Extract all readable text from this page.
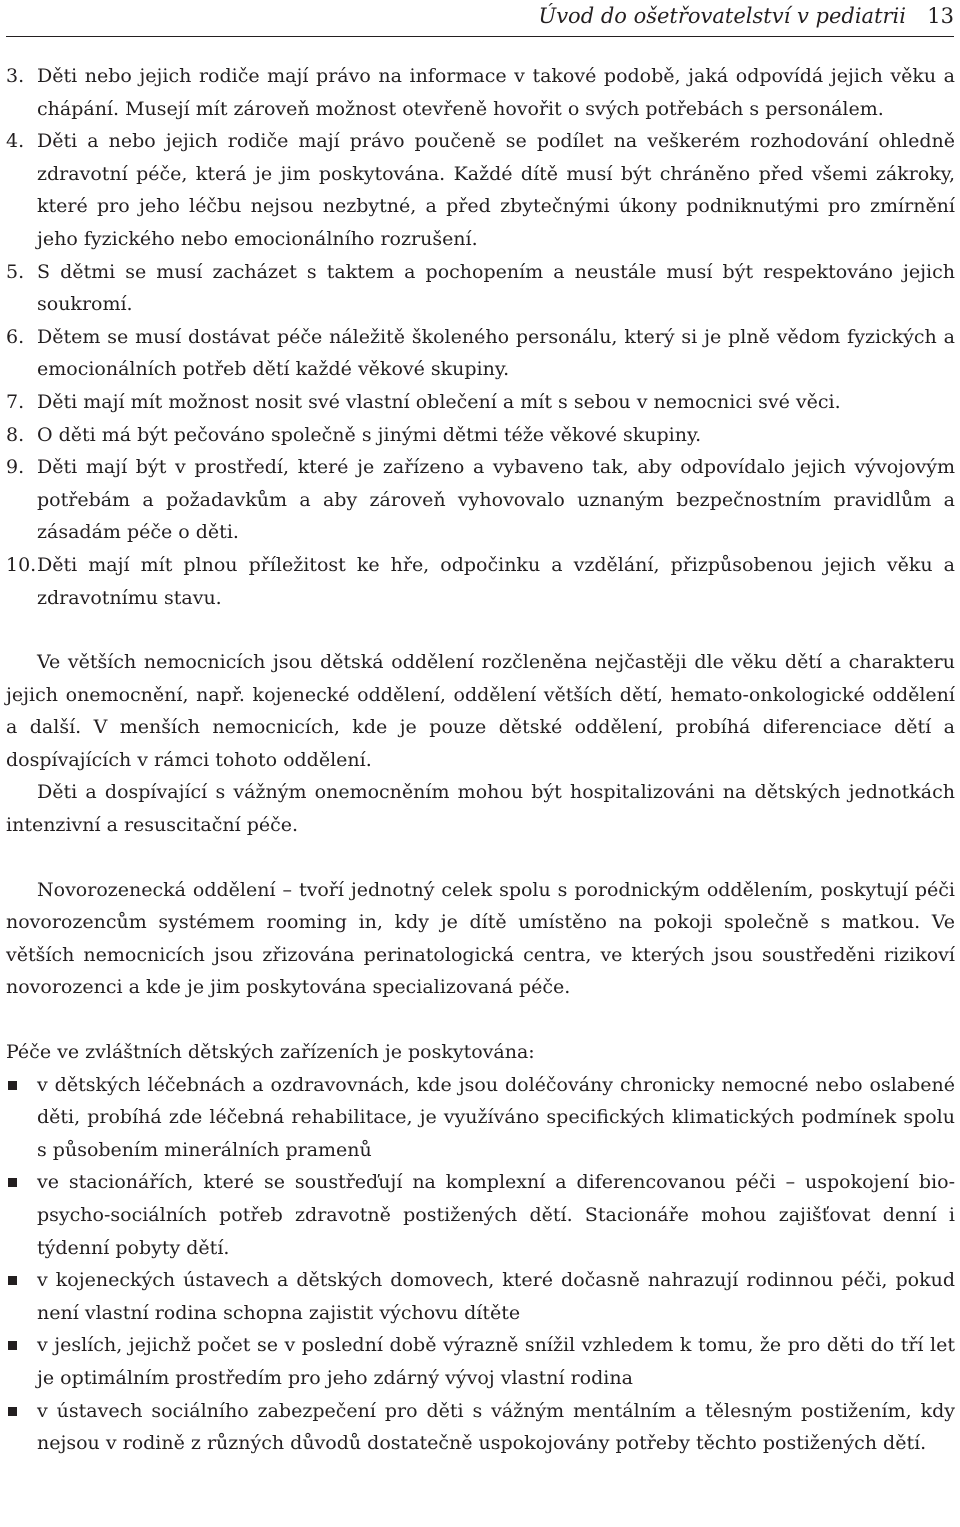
Úvod do ošetřovatelství v pediatrii 13
3. Děti nebo jejich rodiče mají právo na informace v takové podobě, jaká odpovídá jejich věku a chápání. Musejí mít zároveň možnost otevřeně hovořit o svých potřebách s personálem.
4. Děti a nebo jejich rodiče mají právo poučeně se podílet na veškerém rozhodování ohledně zdravotní péče, která je jim poskytována. Každé dítě musí být chráněno před všemi zákroky, které pro jeho léčbu nejsou nezbytné, a před zbytečnými úkony podniknutými pro zmírnění jeho fyzického nebo emocionálního rozrušení.
5. S dětmi se musí zacházet s taktem a pochopením a neustále musí být respektováno jejich soukromí.
6. Dětem se musí dostávat péče náležitě školeného personálu, který si je plně vědom fyzických a emocionálních potřeb dětí každé věkové skupiny.
7. Děti mají mít možnost nosit své vlastní oblečení a mít s sebou v nemocnici své věci.
8. O děti má být pečováno společně s jinými dětmi téže věkové skupiny.
9. Děti mají být v prostředí, které je zařízeno a vybaveno tak, aby odpovídalo jejich vývojovým potřebám a požadavkům a aby zároveň vyhovovalo uznaným bezpečnostním pravidlům a zásadám péče o děti.
10. Děti mají mít plnou příležitost ke hře, odpočinku a vzdělání, přizpůsobenou jejich věku a zdravotnímu stavu.

Ve větších nemocnicích jsou dětská oddělení rozčleněna nejčastěji dle věku dětí a charakteru jejich onemocnění, např. kojenecké oddělení, oddělení větších dětí, hemato-onkologické oddělení a další. V menších nemocnicích, kde je pouze dětské oddělení, probíhá diferenciace dětí a dospívajících v rámci tohoto oddělení.

Děti a dospívající s vážným onemocněním mohou být hospitalizováni na dětských jednotkách intenzivní a resuscitační péče.

Novorozenecká oddělení – tvoří jednotný celek spolu s porodnickým oddělením, poskytují péči novorozencům systémem rooming in, kdy je dítě umístěno na pokoji společně s matkou. Ve větších nemocnicích jsou zřizována perinatologická centra, ve kterých jsou soustředěni rizikoví novorozenci a kde je jim poskytována specializovaná péče.

Péče ve zvláštních dětských zařízeních je poskytována:

v dětských léčebnách a ozdravovnách, kde jsou doléčovány chronicky nemocné nebo oslabené děti, probíhá zde léčebná rehabilitace, je využíváno specifických klimatických podmínek spolu s působením minerálních pramenů
ve stacionářích, které se soustřeďují na komplexní a diferencovanou péči – uspokojení bio-psycho-sociálních potřeb zdravotně postižených dětí. Stacionáře mohou zajišťovat denní i týdenní pobyty dětí.
v kojeneckých ústavech a dětských domovech, které dočasně nahrazují rodinnou péči, pokud není vlastní rodina schopna zajistit výchovu dítěte
v jeslích, jejichž počet se v poslední době výrazně snížil vzhledem k tomu, že pro děti do tří let je optimálním prostředím pro jeho zdárný vývoj vlastní rodina
v ústavech sociálního zabezpečení pro děti s vážným mentálním a tělesným postižením, kdy nejsou v rodině z různých důvodů dostatečně uspokojovány potřeby těchto postižených dětí.
